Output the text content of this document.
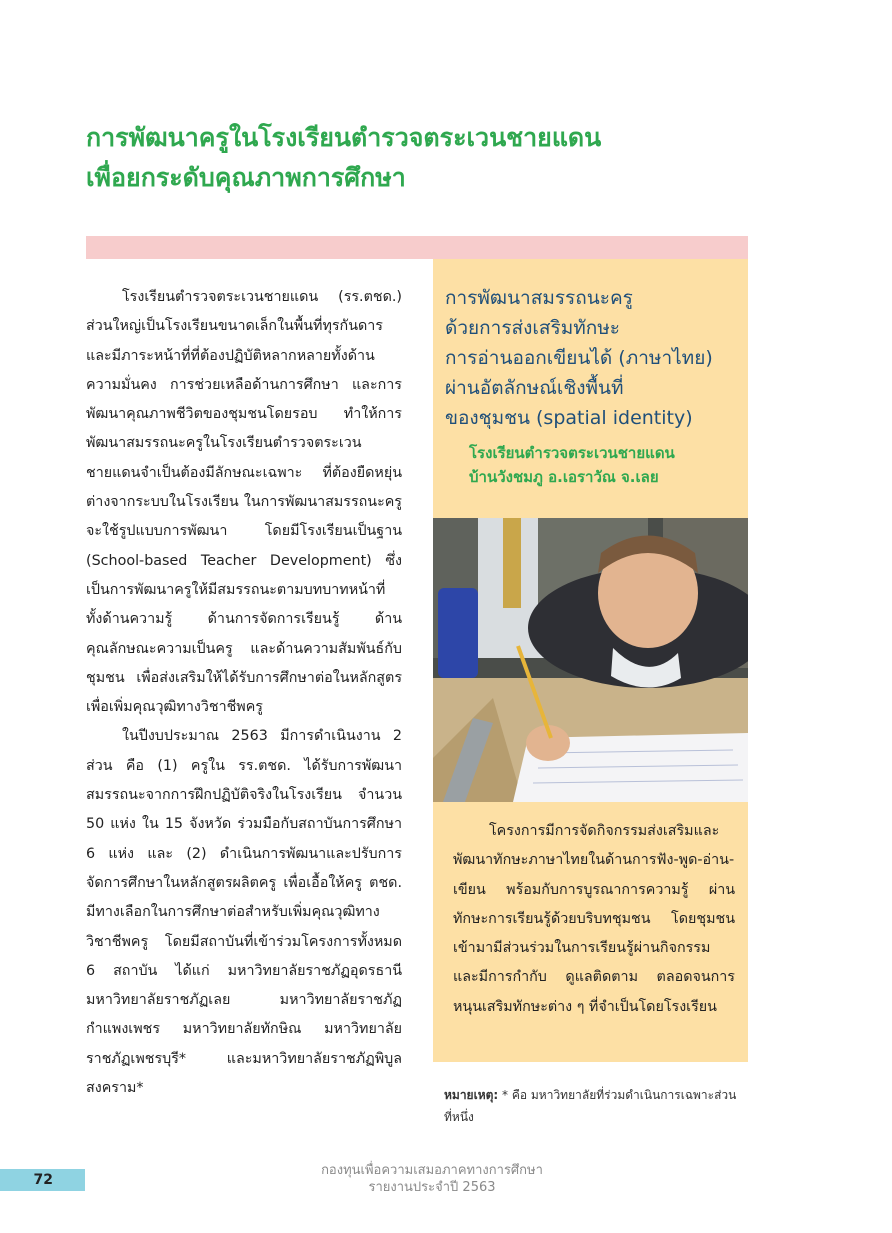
การพัฒนาครูในโรงเรียนตำรวจตระเวนชายแดน
เพื่อยกระดับคุณภาพการศึกษา

โรงเรียนตำรวจตระเวนชายแดน (รร.ตชด.) ส่วนใหญ่เป็นโรงเรียนขนาดเล็กในพื้นที่ทุรกันดาร และมีภาระหน้าที่ที่ต้องปฏิบัติหลากหลายทั้งด้านความมั่นคง การช่วยเหลือด้านการศึกษา และการพัฒนาคุณภาพชีวิตของชุมชนโดยรอบ ทำให้การพัฒนาสมรรถนะครูในโรงเรียนตำรวจตระเวนชายแดนจำเป็นต้องมีลักษณะเฉพาะ ที่ต้องยืดหยุ่นต่างจากระบบในโรงเรียน ในการพัฒนาสมรรถนะครูจะใช้รูปแบบการพัฒนา โดยมีโรงเรียนเป็นฐาน (School-based Teacher Development) ซึ่งเป็นการพัฒนาครูให้มีสมรรถนะตามบทบาทหน้าที่ ทั้งด้านความรู้ ด้านการจัดการเรียนรู้ ด้านคุณลักษณะความเป็นครู และด้านความสัมพันธ์กับชุมชน เพื่อส่งเสริมให้ได้รับการศึกษาต่อในหลักสูตร เพื่อเพิ่มคุณวุฒิทางวิชาชีพครู

ในปีงบประมาณ 2563 มีการดำเนินงาน 2 ส่วน คือ (1) ครูใน รร.ตชด. ได้รับการพัฒนาสมรรถนะจากการฝึกปฏิบัติจริงในโรงเรียน จำนวน 50 แห่ง ใน 15 จังหวัด ร่วมมือกับสถาบันการศึกษา 6 แห่ง และ (2) ดำเนินการพัฒนาและปรับการจัดการศึกษาในหลักสูตรผลิตครู เพื่อเอื้อให้ครู ตชด. มีทางเลือกในการศึกษาต่อสำหรับเพิ่มคุณวุฒิทางวิชาชีพครู โดยมีสถาบันที่เข้าร่วมโครงการทั้งหมด 6 สถาบัน ได้แก่ มหาวิทยาลัยราชภัฏอุดรธานี มหาวิทยาลัยราชภัฏเลย มหาวิทยาลัยราชภัฏกำแพงเพชร มหาวิทยาลัยทักษิณ มหาวิทยาลัยราชภัฏเพชรบุรี* และมหาวิทยาลัยราชภัฏพิบูลสงคราม*

การพัฒนาสมรรถนะครู
ด้วยการส่งเสริมทักษะ
การอ่านออกเขียนได้ (ภาษาไทย)
ผ่านอัตลักษณ์เชิงพื้นที่
ของชุมชน (spatial identity)
โรงเรียนตำรวจตระเวนชายแดน
บ้านวังชมภู อ.เอราวัณ จ.เลย

โครงการมีการจัดกิจกรรมส่งเสริมและพัฒนาทักษะภาษาไทยในด้านการฟัง-พูด-อ่าน-เขียน พร้อมกับการบูรณาการความรู้ ผ่านทักษะการเรียนรู้ด้วยบริบทชุมชน โดยชุมชนเข้ามามีส่วนร่วมในการเรียนรู้ผ่านกิจกรรม และมีการกำกับ ดูแลติดตาม ตลอดจนการหนุนเสริมทักษะต่าง ๆ ที่จำเป็นโดยโรงเรียน

หมายเหตุ: * คือ มหาวิทยาลัยที่ร่วมดำเนินการเฉพาะส่วนที่หนึ่ง
72
กองทุนเพื่อความเสมอภาคทางการศึกษา
รายงานประจำปี 2563
